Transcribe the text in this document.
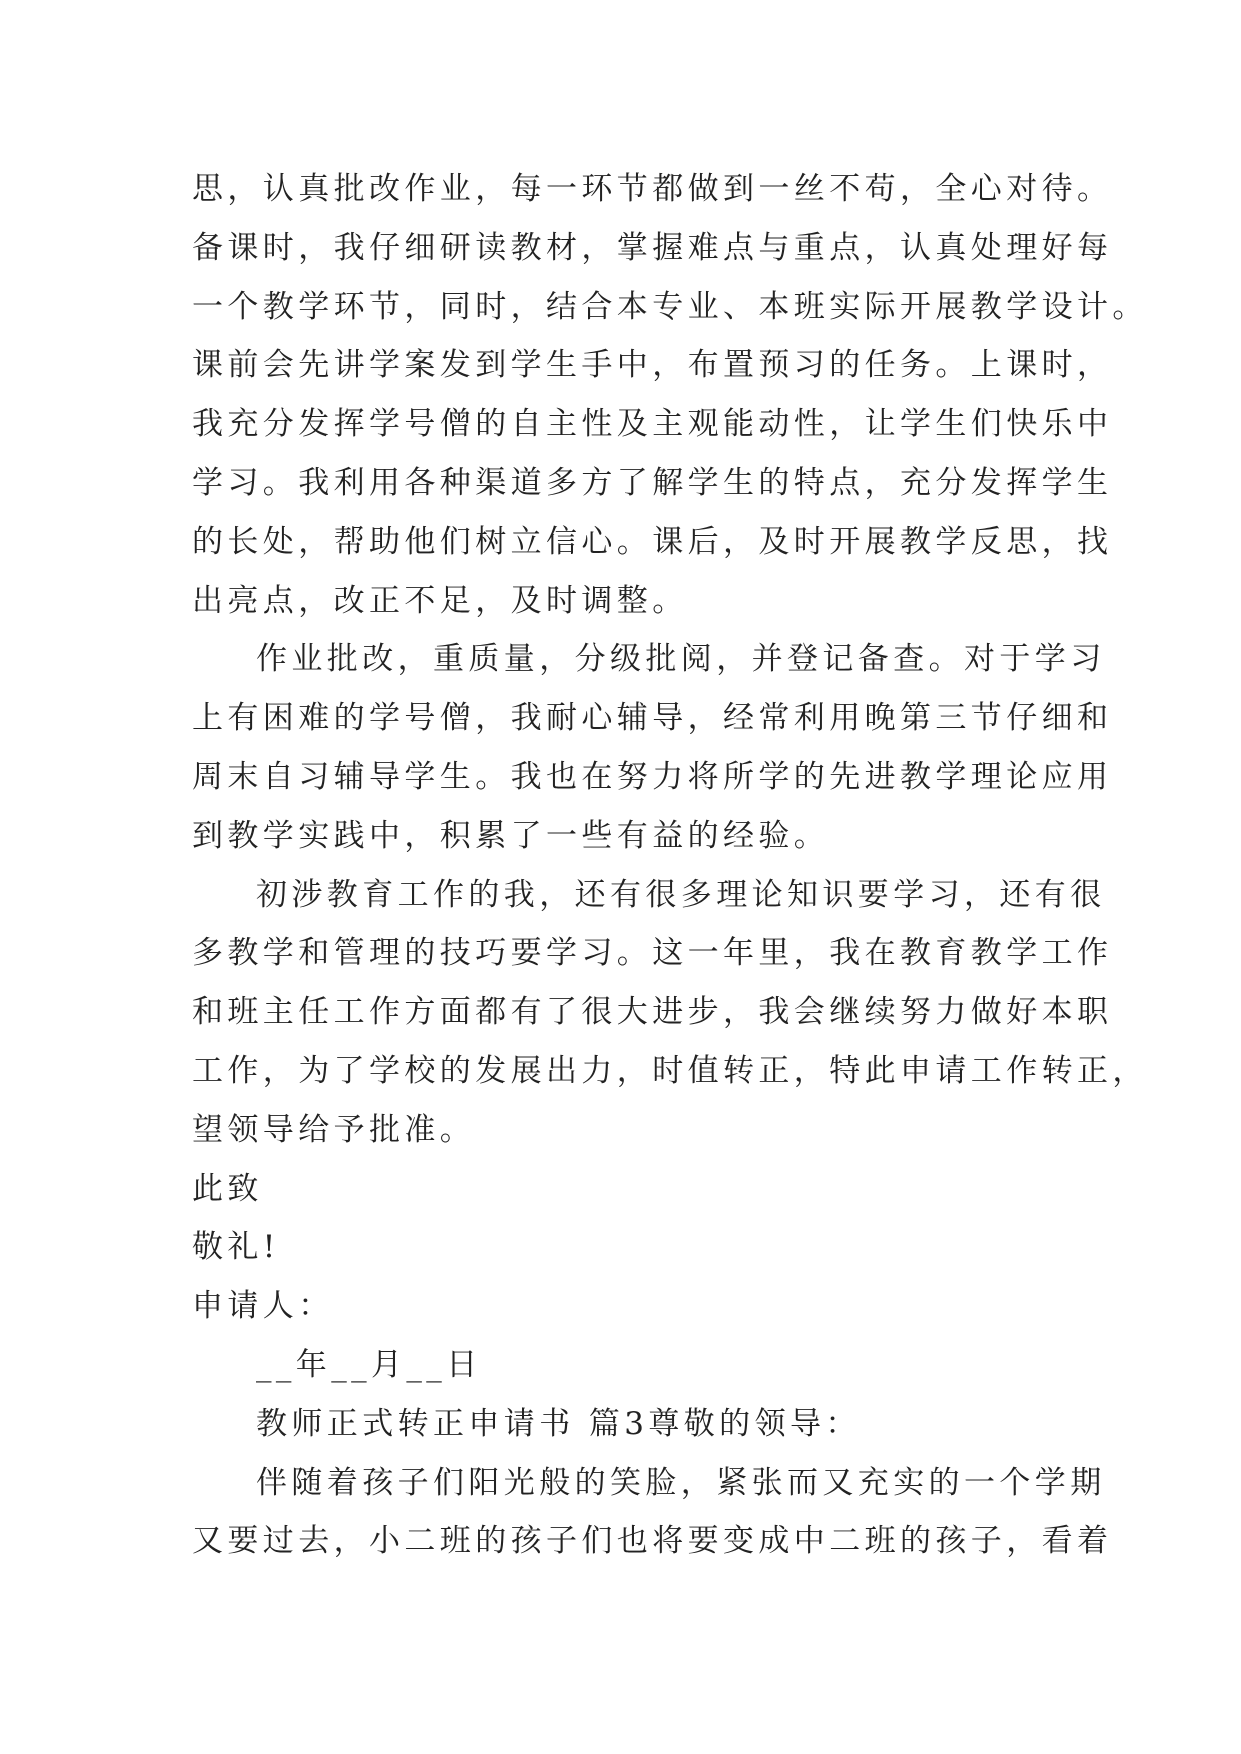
思，认真批改作业，每一环节都做到一丝不苟，全心对待。
备课时，我仔细研读教材，掌握难点与重点，认真处理好每
一个教学环节，同时，结合本专业、本班实际开展教学设计。
课前会先讲学案发到学生手中，布置预习的任务。上课时，
我充分发挥学号僧的自主性及主观能动性，让学生们快乐中
学习。我利用各种渠道多方了解学生的特点，充分发挥学生
的长处，帮助他们树立信心。课后，及时开展教学反思，找
出亮点，改正不足，及时调整。
作业批改，重质量，分级批阅，并登记备查。对于学习
上有困难的学号僧，我耐心辅导，经常利用晚第三节仔细和
周末自习辅导学生。我也在努力将所学的先进教学理论应用
到教学实践中，积累了一些有益的经验。
初涉教育工作的我，还有很多理论知识要学习，还有很
多教学和管理的技巧要学习。这一年里，我在教育教学工作
和班主任工作方面都有了很大进步，我会继续努力做好本职
工作，为了学校的发展出力，时值转正，特此申请工作转正，
望领导给予批准。
此致
敬礼!
申请人：
__年__月__日
教师正式转正申请书 篇3尊敬的领导：
伴随着孩子们阳光般的笑脸，紧张而又充实的一个学期
又要过去，小二班的孩子们也将要变成中二班的孩子，看着
